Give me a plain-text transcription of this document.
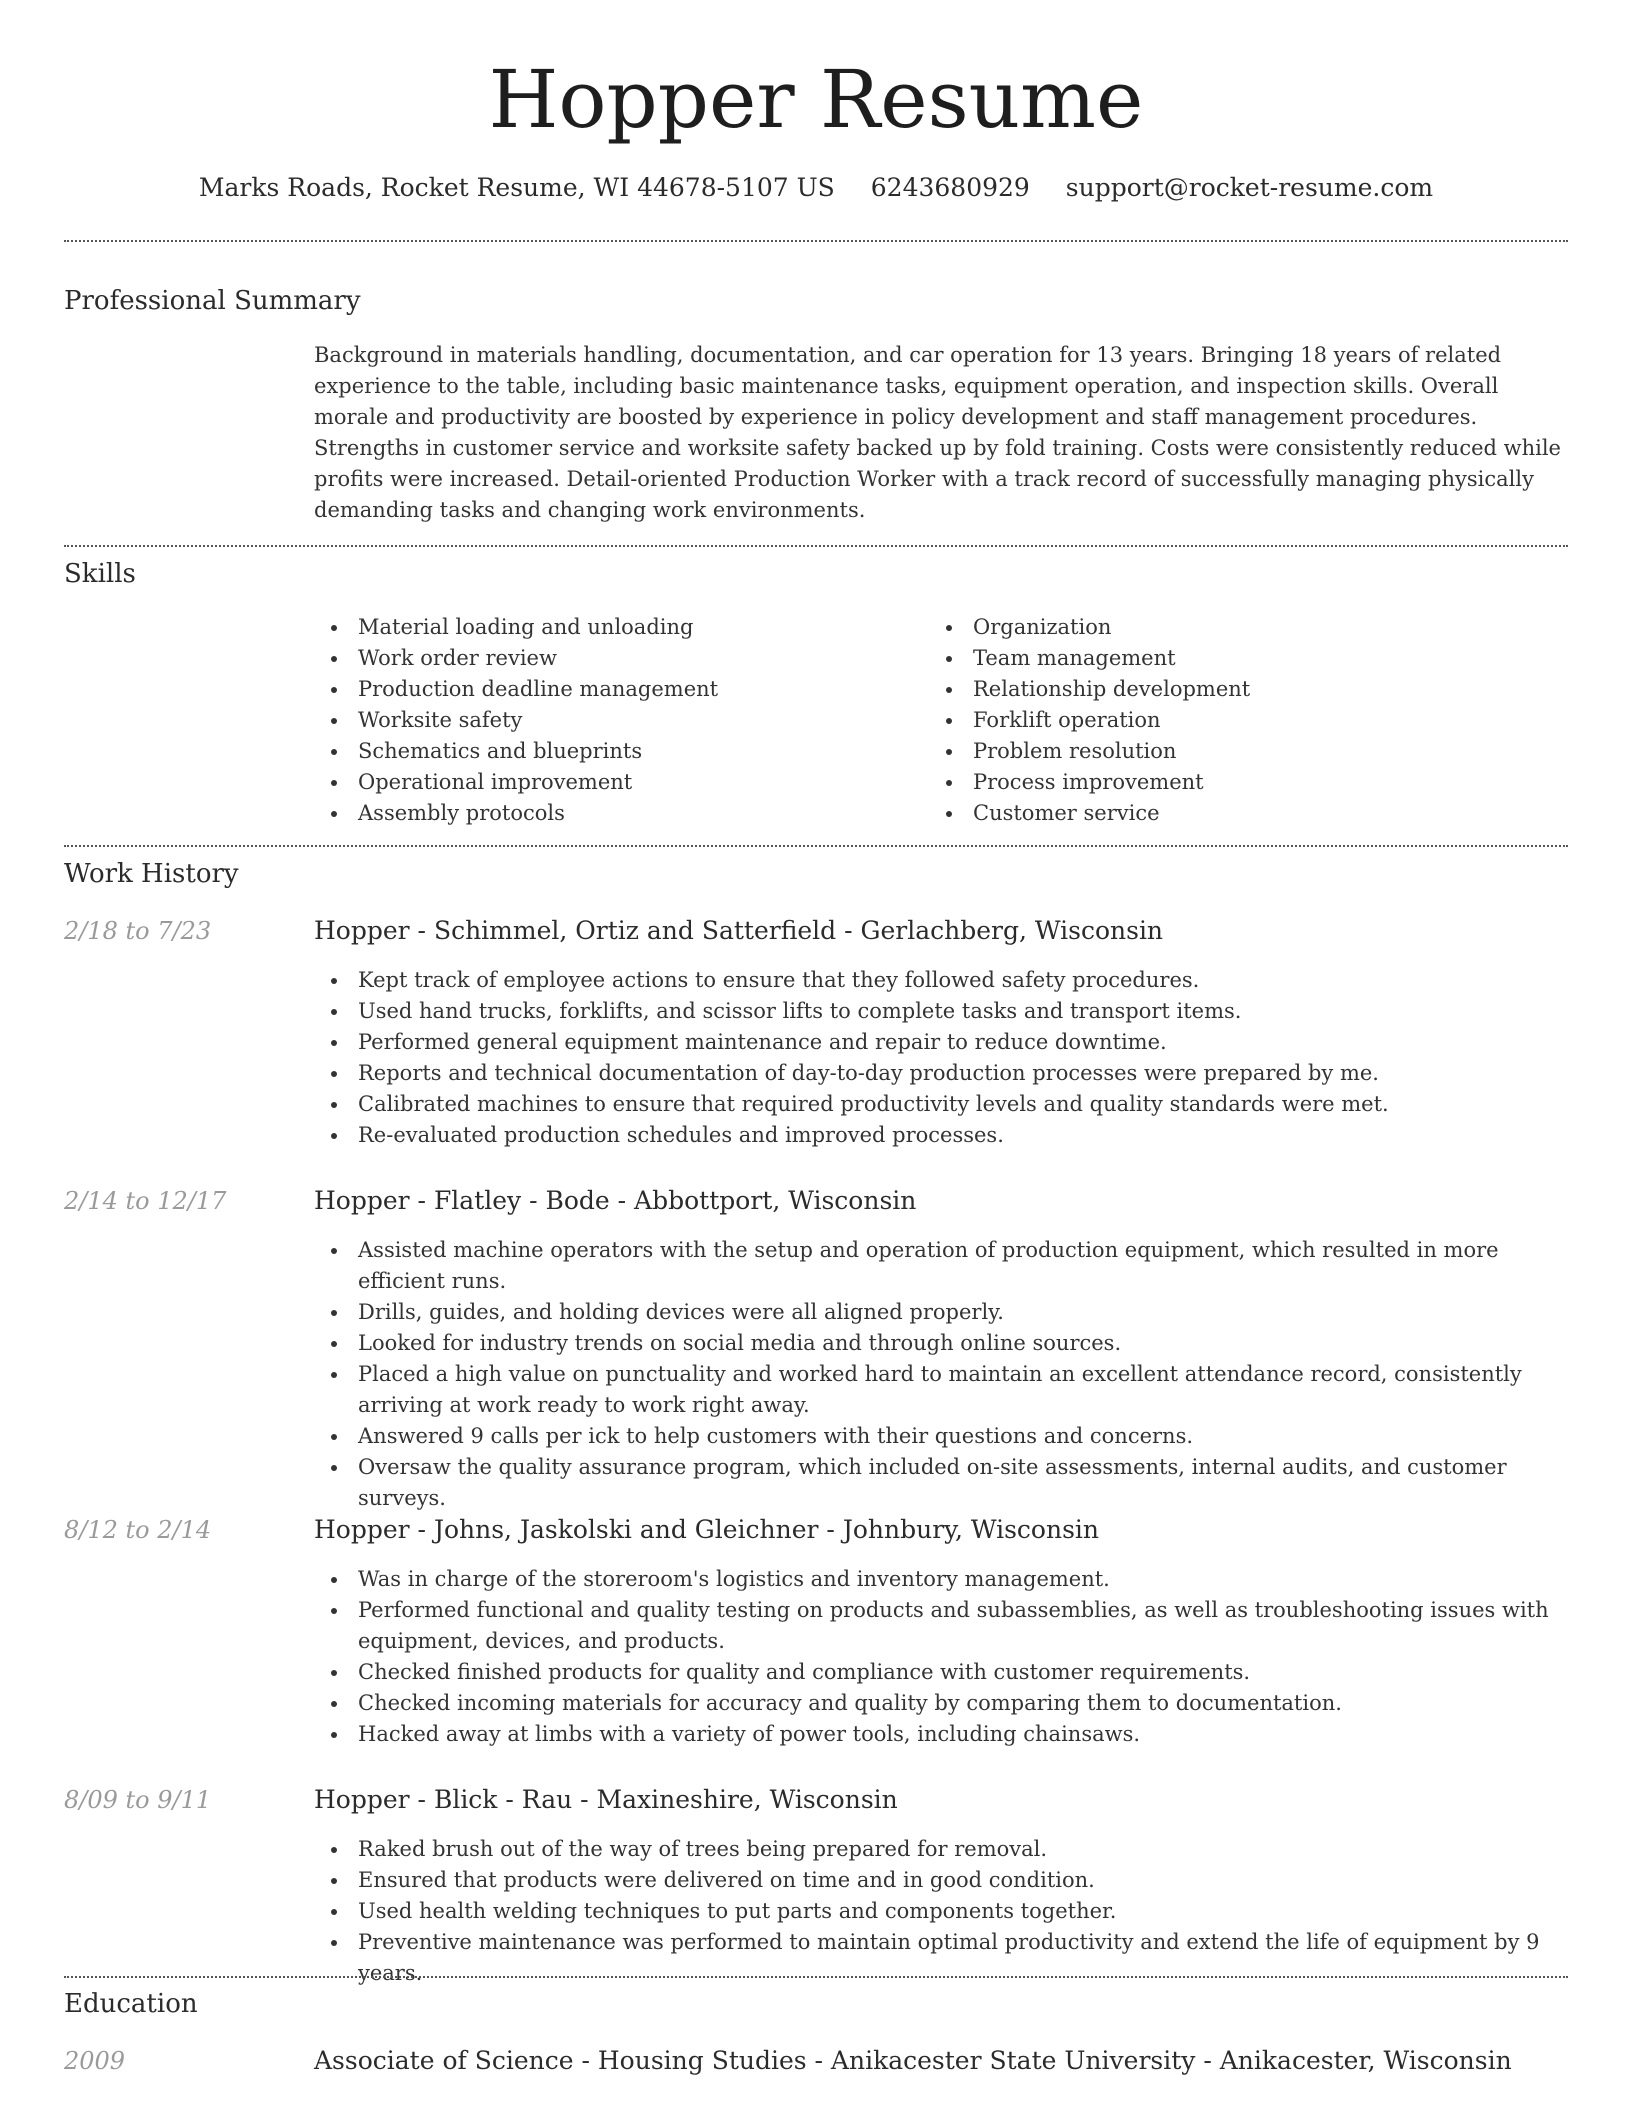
Hopper Resume
Marks Roads, Rocket Resume, WI 44678-5107 US 6243680929 support@rocket-resume.com
Professional Summary

Background in materials handling, documentation, and car operation for 13 years. Bringing 18 years of related experience to the table, including basic maintenance tasks, equipment operation, and inspection skills. Overall morale and productivity are boosted by experience in policy development and staff management procedures. Strengths in customer service and worksite safety backed up by fold training. Costs were consistently reduced while profits were increased. Detail-oriented Production Worker with a track record of successfully managing physically demanding tasks and changing work environments.

Skills
Material loading and unloading
Work order review
Production deadline management
Worksite safety
Schematics and blueprints
Operational improvement
Assembly protocols
Organization
Team management
Relationship development
Forklift operation
Problem resolution
Process improvement
Customer service
Work History
2/18 to 7/23	Hopper - Schimmel, Ortiz and Satterfield - Gerlachberg, Wisconsin
Kept track of employee actions to ensure that they followed safety procedures.
Used hand trucks, forklifts, and scissor lifts to complete tasks and transport items.
Performed general equipment maintenance and repair to reduce downtime.
Reports and technical documentation of day-to-day production processes were prepared by me.
Calibrated machines to ensure that required productivity levels and quality standards were met.
Re-evaluated production schedules and improved processes.
2/14 to 12/17	Hopper - Flatley - Bode - Abbottport, Wisconsin
Assisted machine operators with the setup and operation of production equipment, which resulted in more efficient runs.
Drills, guides, and holding devices were all aligned properly.
Looked for industry trends on social media and through online sources.
Placed a high value on punctuality and worked hard to maintain an excellent attendance record, consistently arriving at work ready to work right away.
Answered 9 calls per ick to help customers with their questions and concerns.
Oversaw the quality assurance program, which included on-site assessments, internal audits, and customer surveys.
8/12 to 2/14	Hopper - Johns, Jaskolski and Gleichner - Johnbury, Wisconsin
Was in charge of the storeroom's logistics and inventory management.
Performed functional and quality testing on products and subassemblies, as well as troubleshooting issues with equipment, devices, and products.
Checked finished products for quality and compliance with customer requirements.
Checked incoming materials for accuracy and quality by comparing them to documentation.
Hacked away at limbs with a variety of power tools, including chainsaws.
8/09 to 9/11	Hopper - Blick - Rau - Maxineshire, Wisconsin
Raked brush out of the way of trees being prepared for removal.
Ensured that products were delivered on time and in good condition.
Used health welding techniques to put parts and components together.
Preventive maintenance was performed to maintain optimal productivity and extend the life of equipment by 9 years.
Education
2009	Associate of Science - Housing Studies - Anikacester State University - Anikacester, Wisconsin
